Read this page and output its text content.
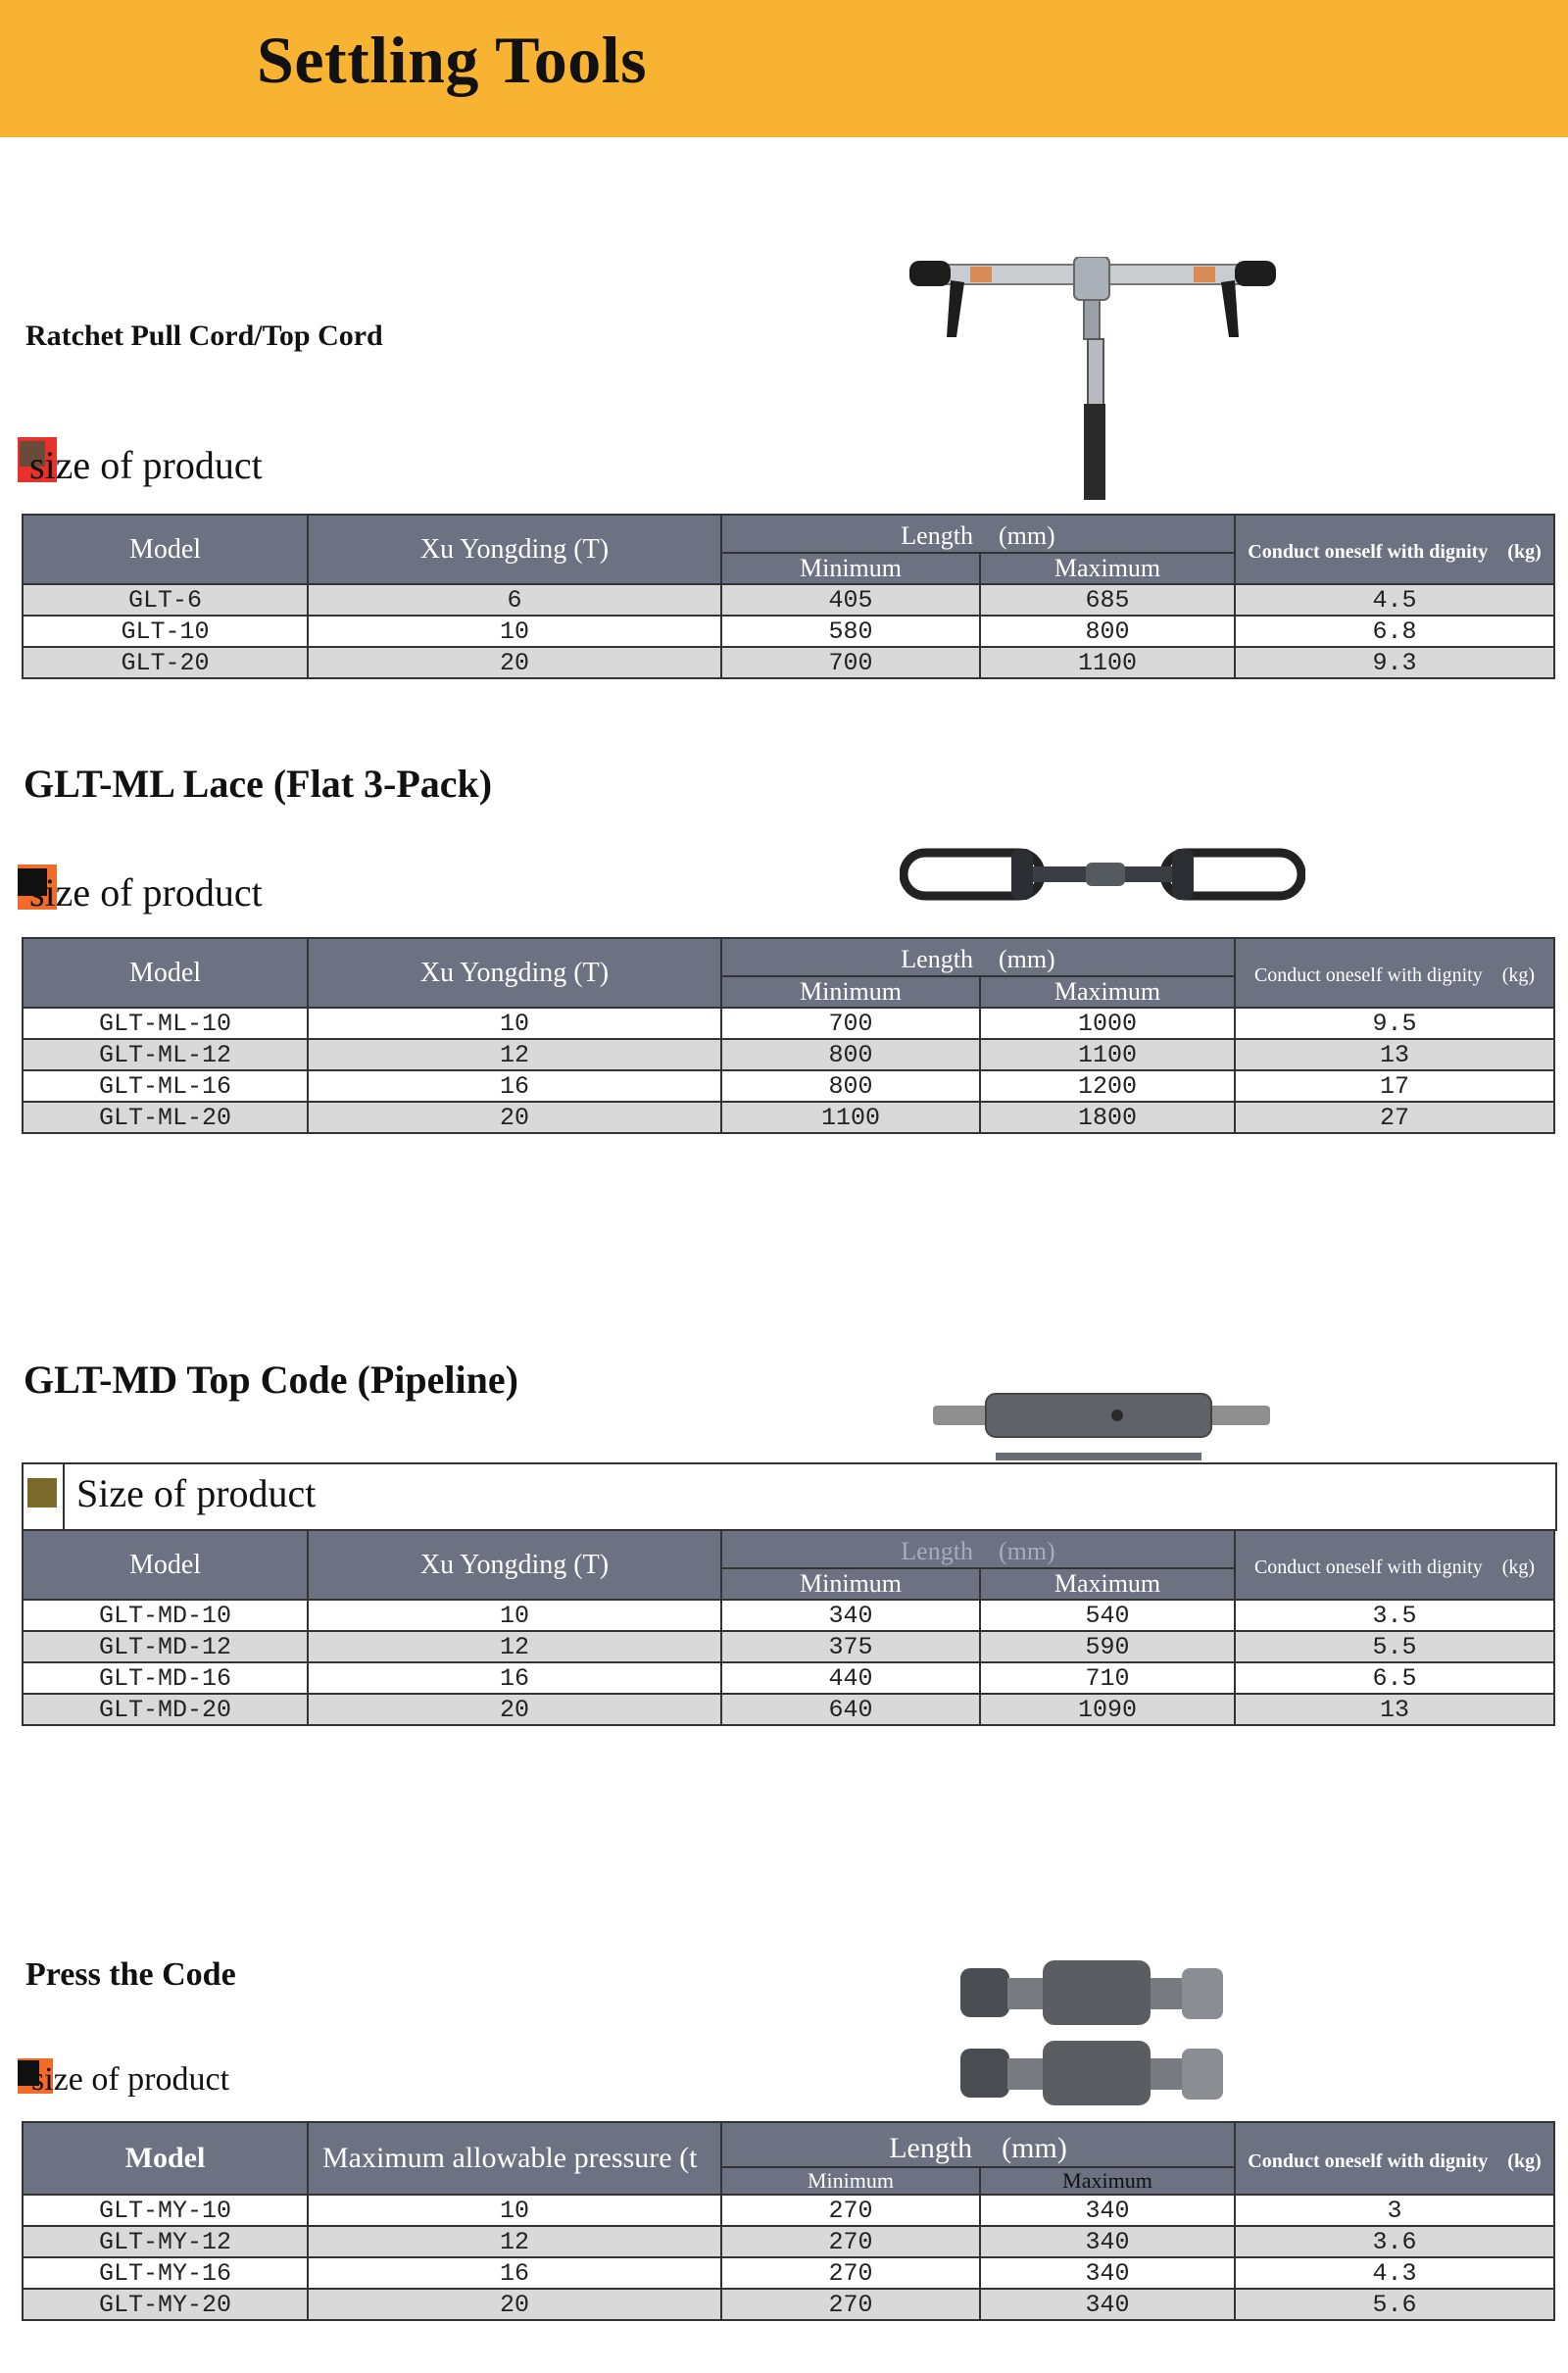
Settling Tools
Ratchet Pull Cord/Top Cord
size of product
Model	Xu Yongding (T)	Length　(mm)		Conduct oneself with dignity　(kg)
		Minimum	Maximum	
GLT-6	6	405	685	4.5
GLT-10	10	580	800	6.8
GLT-20	20	700	1100	9.3
GLT-ML Lace (Flat 3-Pack)
size of product
Model	Xu Yongding (T)	Length　(mm)		Conduct oneself with dignity　(kg)
		Minimum	Maximum	
GLT-ML-10	10	700	1000	9.5
GLT-ML-12	12	800	1100	13
GLT-ML-16	16	800	1200	17
GLT-ML-20	20	1100	1800	27
GLT-MD Top Code (Pipeline)
Size of product
Model	Xu Yongding (T)	Length　(mm)		Conduct oneself with dignity　(kg)
		Minimum	Maximum	
GLT-MD-10	10	340	540	3.5
GLT-MD-12	12	375	590	5.5
GLT-MD-16	16	440	710	6.5
GLT-MD-20	20	640	1090	13
Press the Code
size of product
Model	Maximum allowable pressure (t	Length　(mm)		Conduct oneself with dignity　(kg)
		Minimum	Maximum	
GLT-MY-10	10	270	340	3
GLT-MY-12	12	270	340	3.6
GLT-MY-16	16	270	340	4.3
GLT-MY-20	20	270	340	5.6
